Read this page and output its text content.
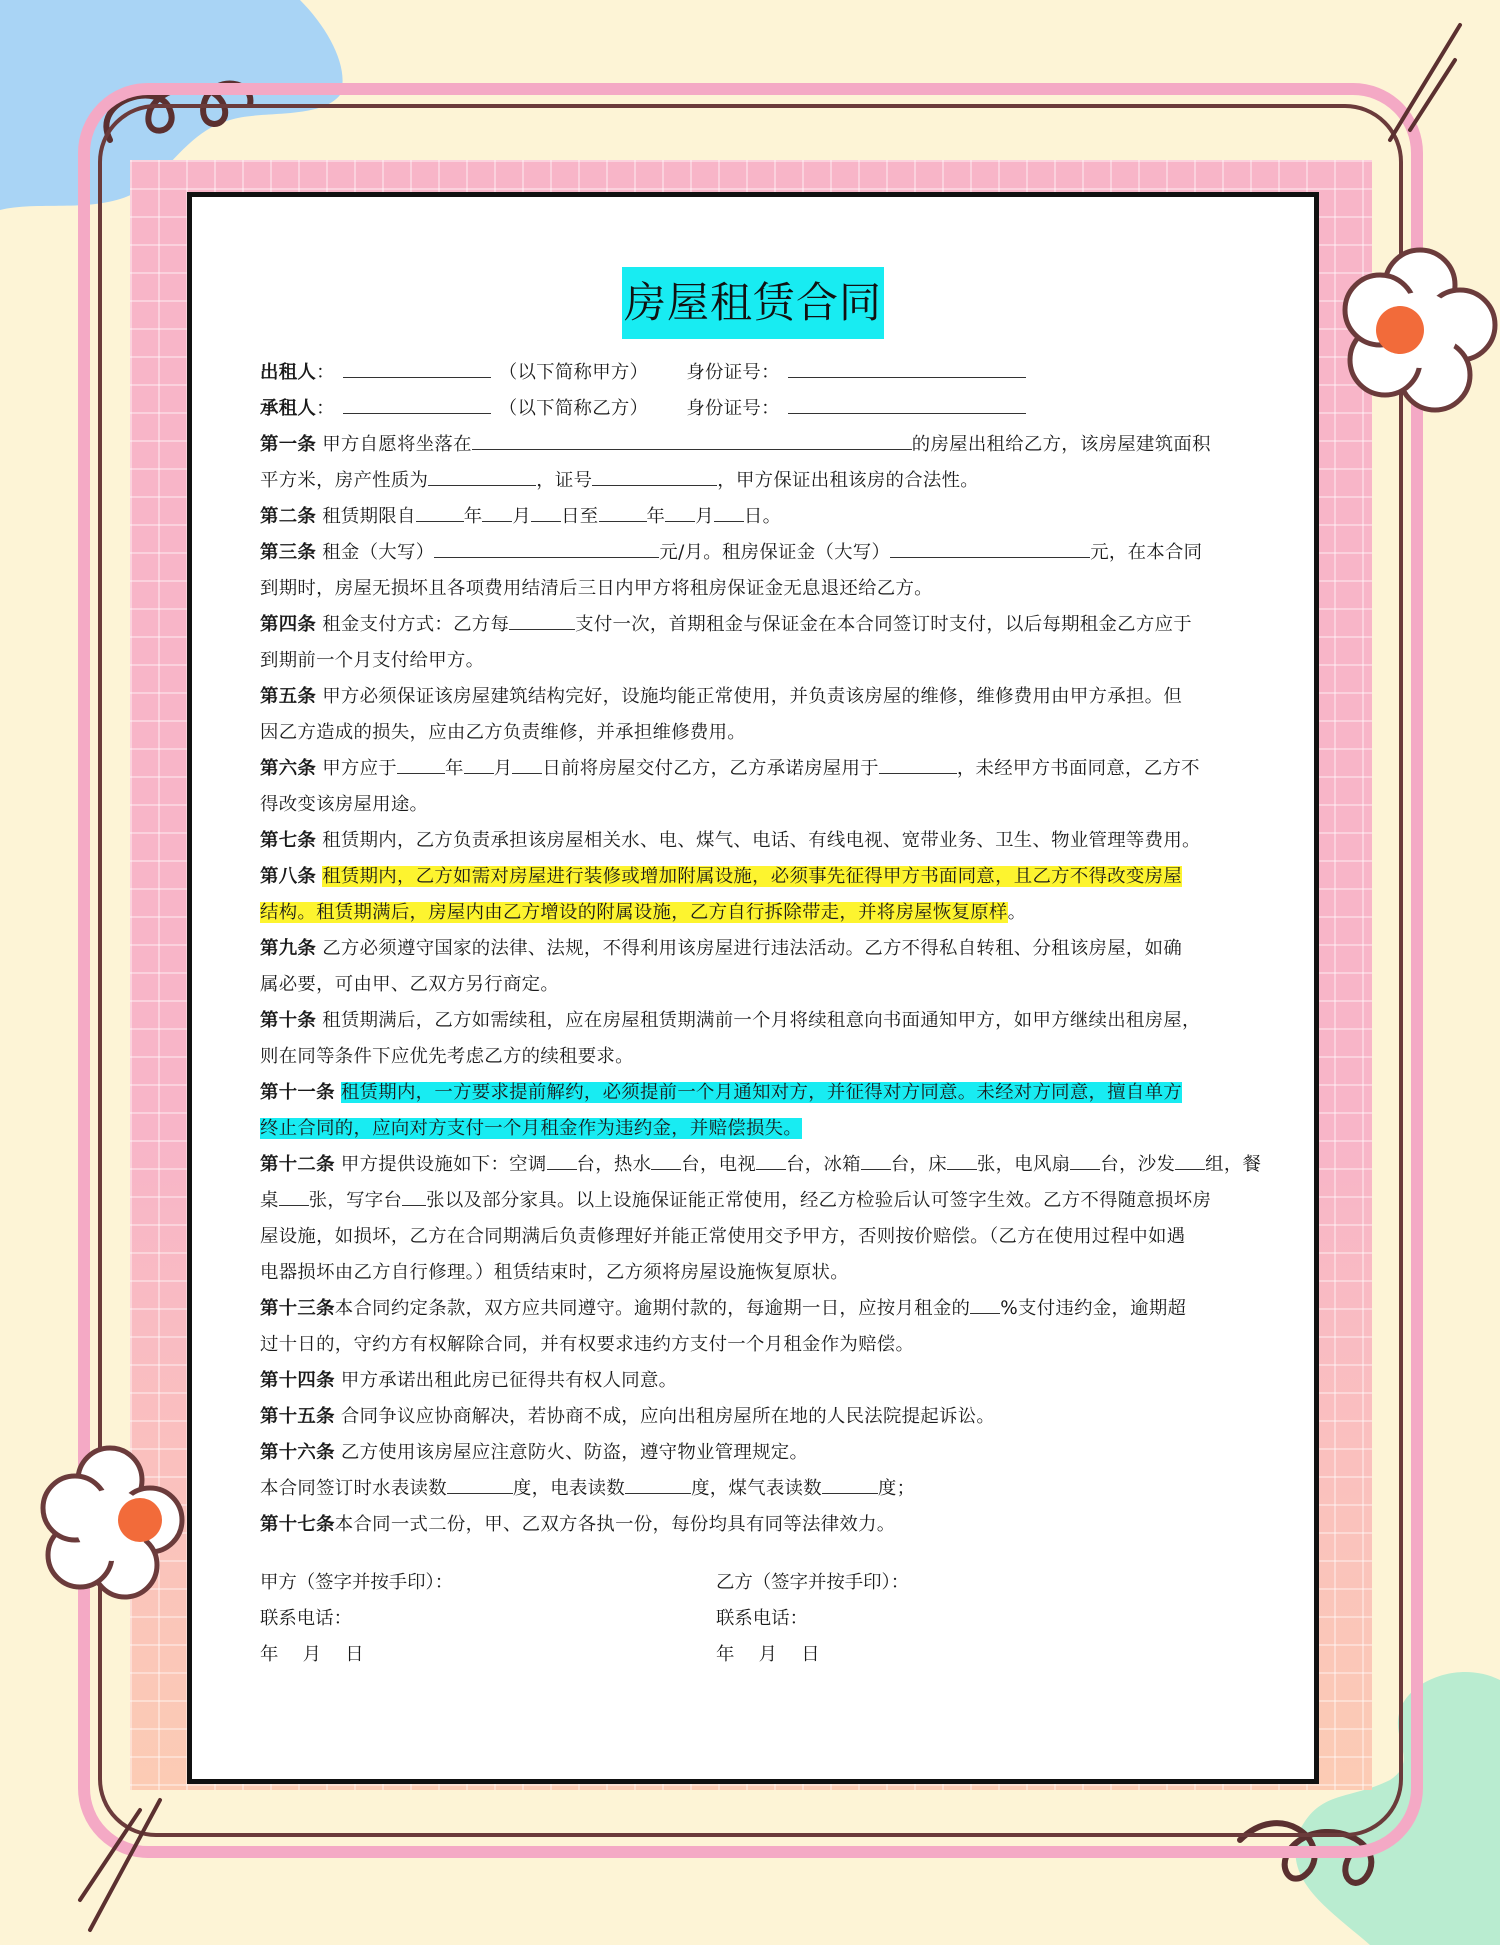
房屋租赁合同
出租人：	（以下简称甲方） 身份证号：
承租人：	（以下简称乙方） 身份证号：
第一条 甲方自愿将坐落在	的房屋出租给乙方，该房屋建筑面积
平方米，房产性质为	，证号	，甲方保证出租该房的合法性。
第二条 租赁期限自	年 月 日至	年 月 日。
第三条 租金（大写）	元/月。租房保证金（大写）	元，在本合同
到期时，房屋无损坏且各项费用结清后三日内甲方将租房保证金无息退还给乙方。
第四条 租金支付方式：乙方每	支付一次，首期租金与保证金在本合同签订时支付，以后每期租金乙方应于
到期前一个月支付给甲方。
第五条 甲方必须保证该房屋建筑结构完好，设施均能正常使用，并负责该房屋的维修，维修费用由甲方承担。但
因乙方造成的损失，应由乙方负责维修，并承担维修费用。
第六条 甲方应于	年 月 日前将房屋交付乙方，乙方承诺房屋用于	，未经甲方书面同意，乙方不
得改变该房屋用途。
第七条 租赁期内，乙方负责承担该房屋相关水、电、煤气、电话、有线电视、宽带业务、卫生、物业管理等费用。
第八条 租赁期内，乙方如需对房屋进行装修或增加附属设施，必须事先征得甲方书面同意，且乙方不得改变房屋
结构。租赁期满后，房屋内由乙方增设的附属设施，乙方自行拆除带走，并将房屋恢复原样。
第九条 乙方必须遵守国家的法律、法规，不得利用该房屋进行违法活动。乙方不得私自转租、分租该房屋，如确
属必要，可由甲、乙双方另行商定。
第十条 租赁期满后，乙方如需续租，应在房屋租赁期满前一个月将续租意向书面通知甲方，如甲方继续出租房屋，
则在同等条件下应优先考虑乙方的续租要求。
第十一条 租赁期内，一方要求提前解约，必须提前一个月通知对方，并征得对方同意。未经对方同意，擅自单方
终止合同的，应向对方支付一个月租金作为违约金，并赔偿损失。
第十二条 甲方提供设施如下：空调 台，热水 台，电视 台，冰箱 台，床 张，电风扇 台，沙发 组，餐
桌 张，写字台 张以及部分家具。以上设施保证能正常使用，经乙方检验后认可签字生效。乙方不得随意损坏房
屋设施，如损坏，乙方在合同期满后负责修理好并能正常使用交予甲方，否则按价赔偿。（乙方在使用过程中如遇
电器损坏由乙方自行修理。）租赁结束时，乙方须将房屋设施恢复原状。
第十三条本合同约定条款，双方应共同遵守。逾期付款的，每逾期一日，应按月租金的 %支付违约金，逾期超
过十日的，守约方有权解除合同，并有权要求违约方支付一个月租金作为赔偿。
第十四条 甲方承诺出租此房已征得共有权人同意。
第十五条 合同争议应协商解决，若协商不成，应向出租房屋所在地的人民法院提起诉讼。
第十六条 乙方使用该房屋应注意防火、防盗，遵守物业管理规定。
本合同签订时水表读数	度，电表读数	度，煤气表读数	度；
第十七条本合同一式二份，甲、乙双方各执一份，每份均具有同等法律效力。
甲方（签字并按手印）：
联系电话：
年　 月　 日
乙方（签字并按手印）：
联系电话：
年　 月　 日
